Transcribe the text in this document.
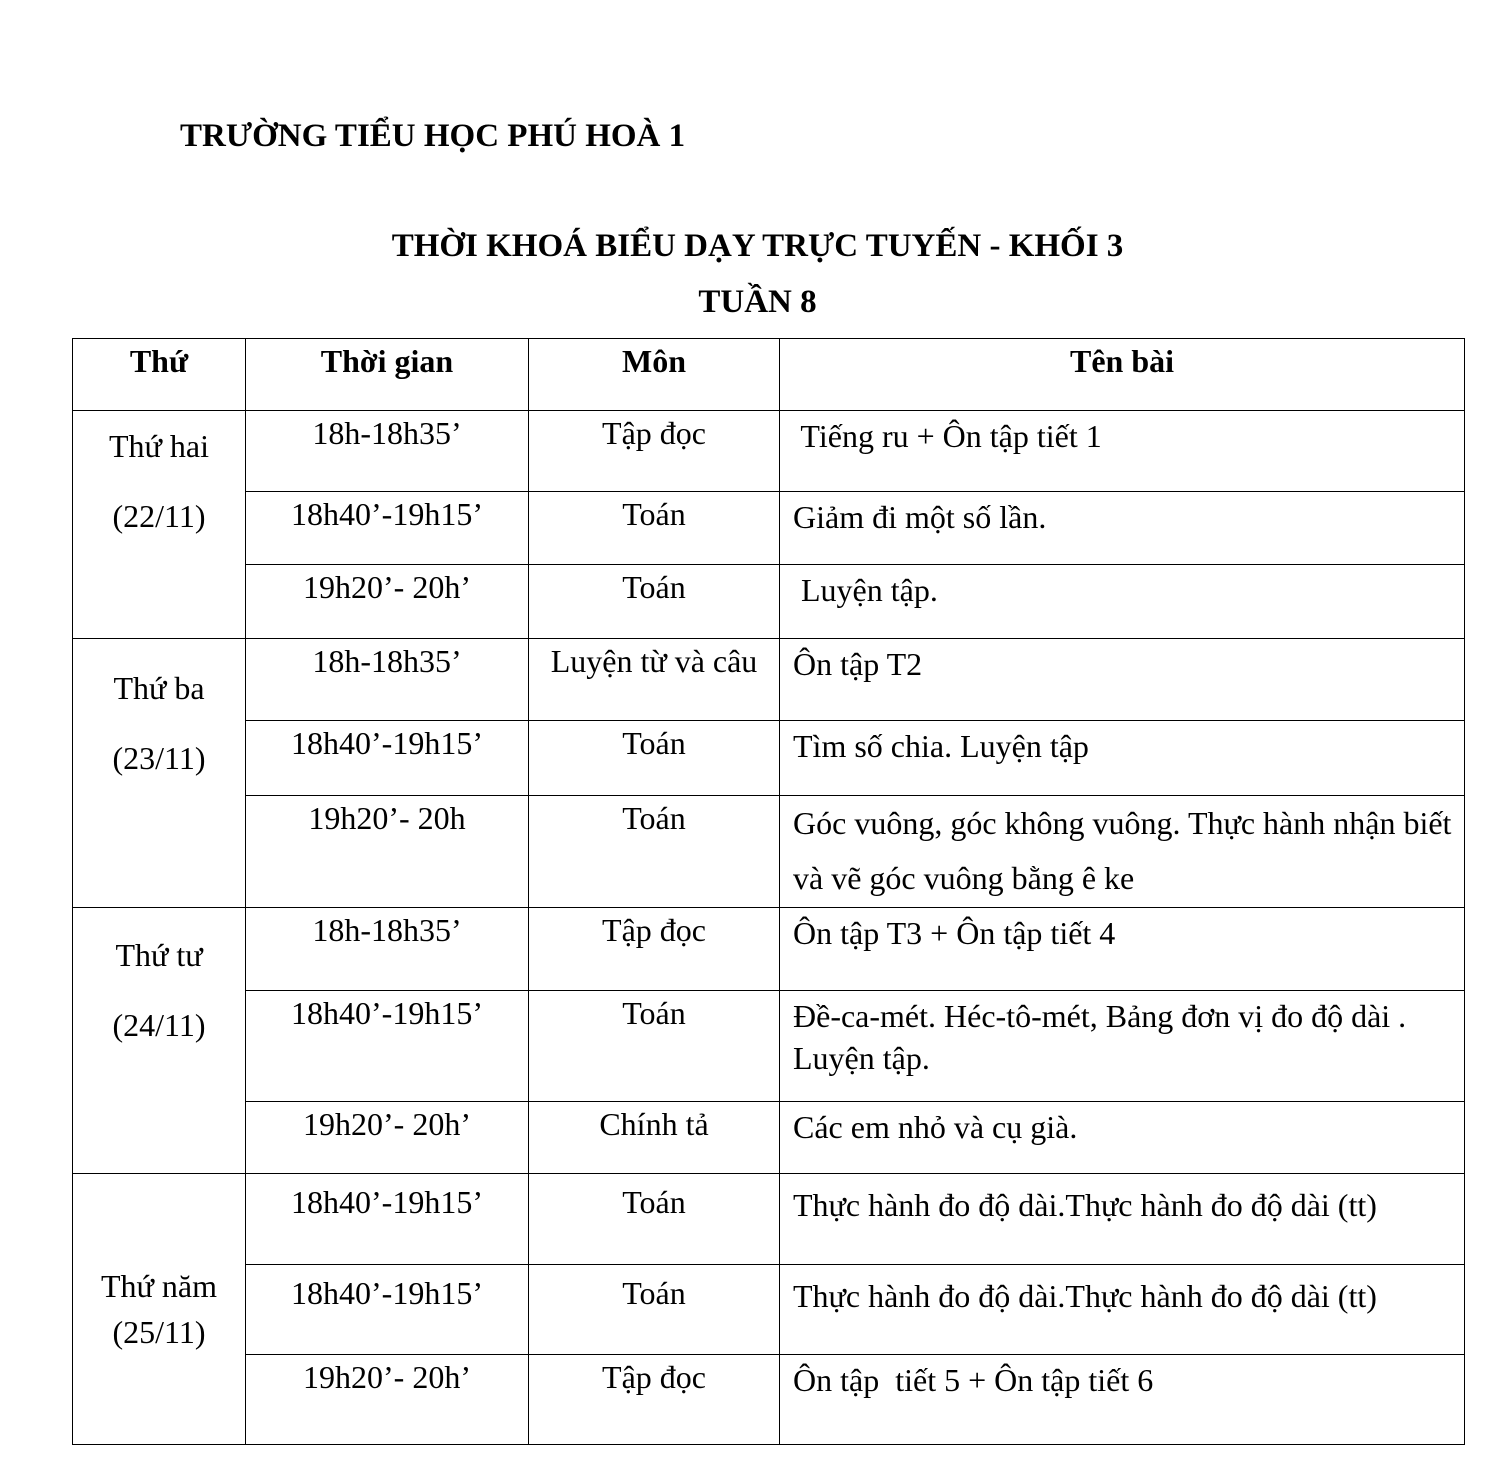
TRƯỜNG TIỂU HỌC PHÚ HOÀ 1
THỜI KHOÁ BIỂU DẠY TRỰC TUYẾN - KHỐI 3
TUẦN 8
Thứ	Thời gian	Môn	Tên bài

Thứ hai
(22/11)	18h-18h35’	Tập đọc	Tiếng ru + Ôn tập tiết 1
	18h40’-19h15’	Toán	Giảm đi một số lần.
	19h20’- 20h’	Toán	Luyện tập.

Thứ ba
(23/11)	18h-18h35’	Luyện từ và câu	Ôn tập T2
	18h40’-19h15’	Toán	Tìm số chia. Luyện tập
	19h20’- 20h	Toán	Góc vuông, góc không vuông. Thực hành nhận biết và vẽ góc vuông bằng ê ke

Thứ tư
(24/11)	18h-18h35’	Tập đọc	Ôn tập T3 + Ôn tập tiết 4
	18h40’-19h15’	Toán	Đề-ca-mét. Héc-tô-mét, Bảng đơn vị đo độ dài . Luyện tập.
	19h20’- 20h’	Chính tả	Các em nhỏ và cụ già.

Thứ năm
(25/11)	18h40’-19h15’	Toán	Thực hành đo độ dài.Thực hành đo độ dài (tt)
	18h40’-19h15’	Toán	Thực hành đo độ dài.Thực hành đo độ dài (tt)
	19h20’- 20h’	Tập đọc	Ôn tập  tiết 5 + Ôn tập tiết 6
